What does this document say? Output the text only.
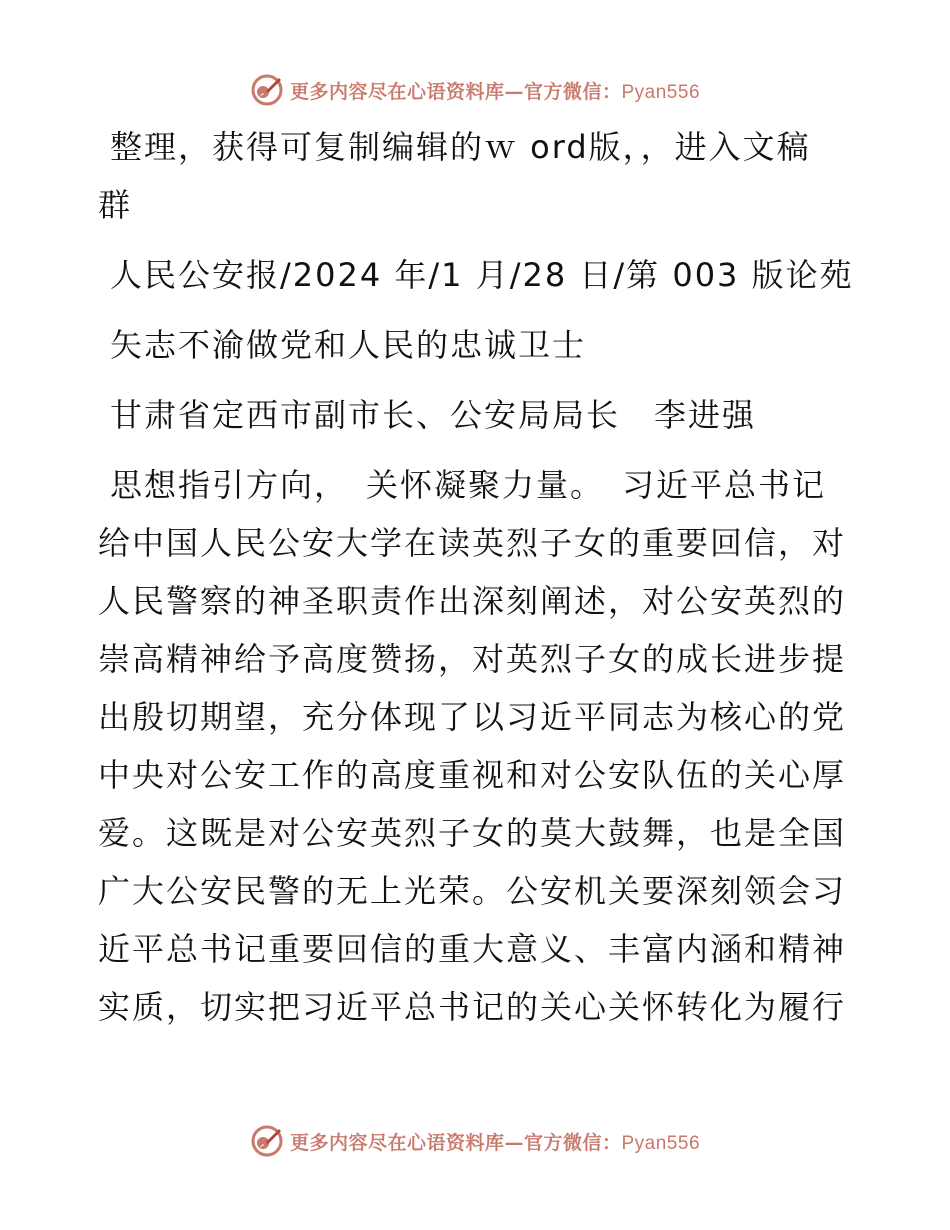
更多内容尽在心语资料库—官方微信：Pyan556
整理，获得可复制编辑的ｗ ord版，，进入文稿
群
人民公安报/2024 年/1 月/28 日/第 003 版论苑
矢志不渝做党和人民的忠诚卫士
甘肃省定西市副市长、公安局局长　李进强
思想指引方向，　关怀凝聚力量。　习近平总书记
给中国人民公安大学在读英烈子女的重要回信，对
人民警察的神圣职责作出深刻阐述，对公安英烈的
崇高精神给予高度赞扬，对英烈子女的成长进步提
出殷切期望，充分体现了以习近平同志为核心的党
中央对公安工作的高度重视和对公安队伍的关心厚
爱。这既是对公安英烈子女的莫大鼓舞，也是全国
广大公安民警的无上光荣。公安机关要深刻领会习
近平总书记重要回信的重大意义、丰富内涵和精神
实质，切实把习近平总书记的关心关怀转化为履行
更多内容尽在心语资料库—官方微信：Pyan556
